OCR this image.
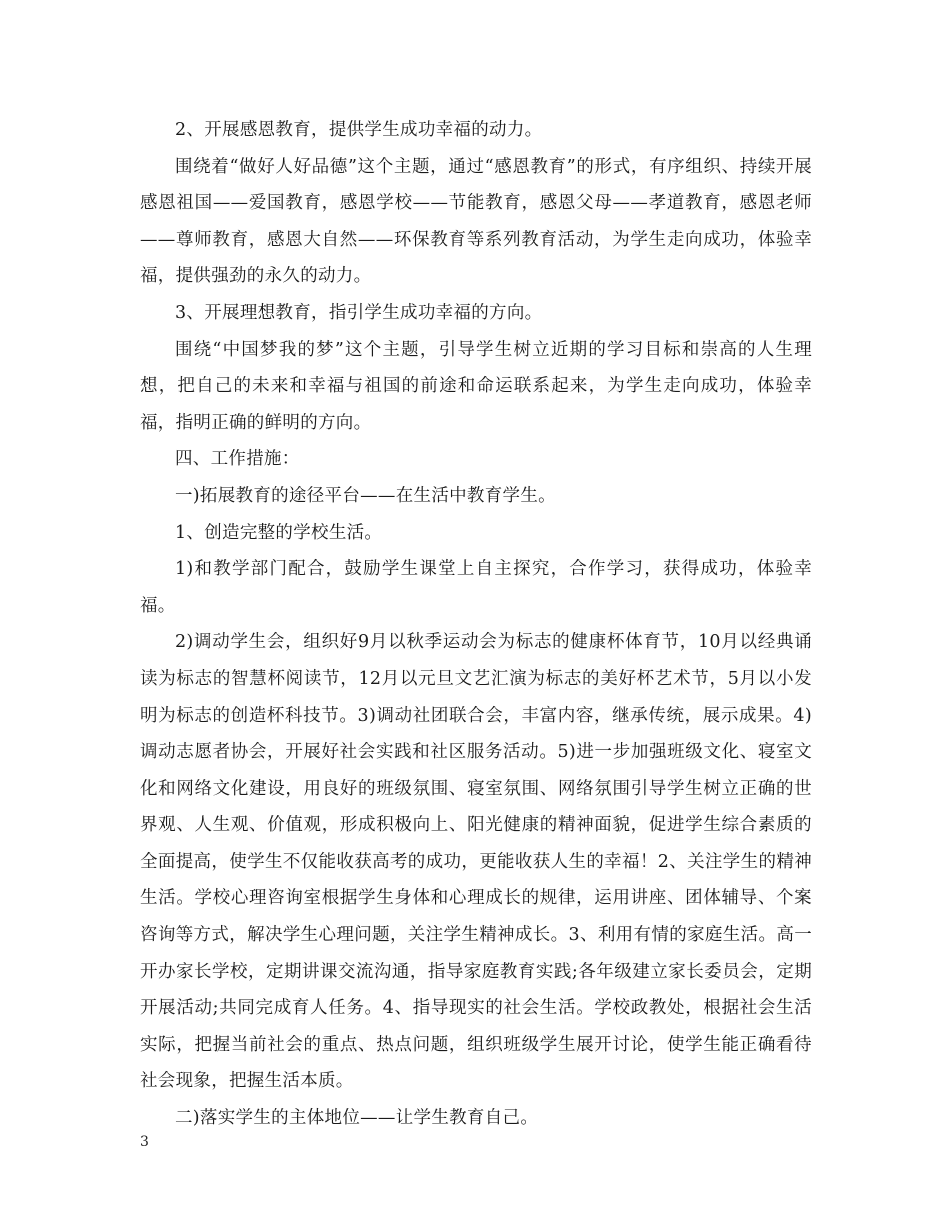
2、开展感恩教育，提供学生成功幸福的动力。

围绕着“做好人好品德”这个主题，通过“感恩教育”的形式，有序组织、持续开展感恩祖国——爱国教育，感恩学校——节能教育，感恩父母——孝道教育，感恩老师——尊师教育，感恩大自然——环保教育等系列教育活动，为学生走向成功，体验幸福，提供强劲的永久的动力。

3、开展理想教育，指引学生成功幸福的方向。

围绕“中国梦我的梦”这个主题，引导学生树立近期的学习目标和崇高的人生理想，把自己的未来和幸福与祖国的前途和命运联系起来，为学生走向成功，体验幸福，指明正确的鲜明的方向。

四、工作措施：

一)拓展教育的途径平台——在生活中教育学生。

1、创造完整的学校生活。

1)和教学部门配合，鼓励学生课堂上自主探究，合作学习，获得成功，体验幸福。

2)调动学生会，组织好9月以秋季运动会为标志的健康杯体育节，10月以经典诵读为标志的智慧杯阅读节，12月以元旦文艺汇演为标志的美好杯艺术节，5月以小发明为标志的创造杯科技节。3)调动社团联合会，丰富内容，继承传统，展示成果。4)调动志愿者协会，开展好社会实践和社区服务活动。5)进一步加强班级文化、寝室文化和网络文化建设，用良好的班级氛围、寝室氛围、网络氛围引导学生树立正确的世界观、人生观、价值观，形成积极向上、阳光健康的精神面貌，促进学生综合素质的全面提高，使学生不仅能收获高考的成功，更能收获人生的幸福！2、关注学生的精神生活。学校心理咨询室根据学生身体和心理成长的规律，运用讲座、团体辅导、个案咨询等方式，解决学生心理问题，关注学生精神成长。3、利用有情的家庭生活。高一开办家长学校，定期讲课交流沟通，指导家庭教育实践;各年级建立家长委员会，定期开展活动;共同完成育人任务。4、指导现实的社会生活。学校政教处，根据社会生活实际，把握当前社会的重点、热点问题，组织班级学生展开讨论，使学生能正确看待社会现象，把握生活本质。

二)落实学生的主体地位——让学生教育自己。

3
